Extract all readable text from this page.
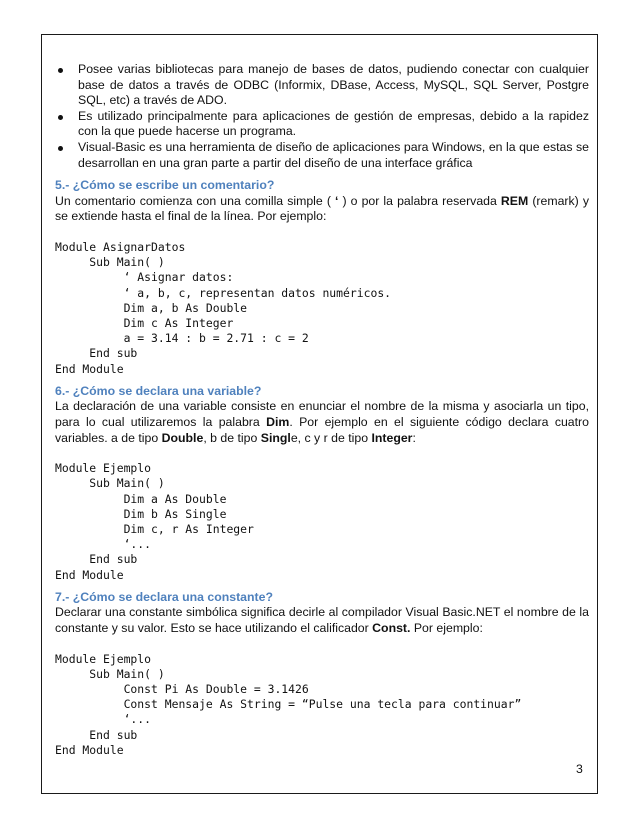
Posee varias bibliotecas para manejo de bases de datos, pudiendo conectar con cualquier base de datos a través de ODBC (Informix, DBase, Access, MySQL, SQL Server, Postgre SQL, etc) a través de ADO.
Es utilizado principalmente para aplicaciones de gestión de empresas, debido a la rapidez con la que puede hacerse un programa.
Visual-Basic es una herramienta de diseño de aplicaciones para Windows, en la que estas se desarrollan en una gran parte a partir del diseño de una interface gráfica
5.- ¿Cómo se escribe un comentario?

Un comentario comienza con una comilla simple ( ‘ ) o por la palabra reservada REM (remark) y se extiende hasta el final de la línea. Por ejemplo:

Module AsignarDatos
Sub Main( )
‘ Asignar datos:
‘ a, b, c, representan datos numéricos.
Dim a, b As Double
Dim c As Integer
a = 3.14 : b = 2.71 : c = 2
End sub
End Module
6.- ¿Cómo se declara una variable?

La declaración de una variable consiste en enunciar el nombre de la misma y asociarla un tipo, para lo cual utilizaremos la palabra Dim. Por ejemplo en el siguiente código declara cuatro variables. a de tipo Double, b de tipo Single, c y r de tipo Integer:

Module Ejemplo
Sub Main( )
Dim a As Double
Dim b As Single
Dim c, r As Integer
‘...
End sub
End Module
7.- ¿Cómo se declara una constante?

Declarar una constante simbólica significa decirle al compilador Visual Basic.NET el nombre de la constante y su valor. Esto se hace utilizando el calificador Const. Por ejemplo:

Module Ejemplo
Sub Main( )
Const Pi As Double = 3.1426
Const Mensaje As String = “Pulse una tecla para continuar”
‘...
End sub
End Module
3
